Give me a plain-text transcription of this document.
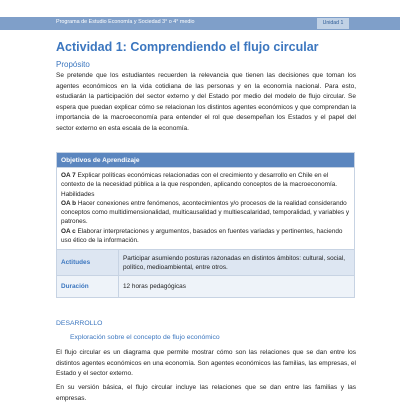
Programa de Estudio Economía y Sociedad 3° o 4° medio	Unidad 1
Actividad 1: Comprendiendo el flujo circular
Propósito

Se pretende que los estudiantes recuerden la relevancia que tienen las decisiones que toman los agentes económicos en la vida cotidiana de las personas y en la economía nacional. Para esto, estudiarán la participación del sector externo y del Estado por medio del modelo de flujo circular. Se espera que puedan explicar cómo se relacionan los distintos agentes económicos y que comprendan la importancia de la macroeconomía para entender el rol que desempeñan los Estados y el papel del sector externo en esta escala de la economía.

Objetivos de Aprendizaje	

OA 7 Explicar políticas económicas relacionadas con el crecimiento y desarrollo en Chile en el contexto de la necesidad pública a la que responden, aplicando conceptos de la macroeconomía.
Habilidades
OA b Hacer conexiones entre fenómenos, acontecimientos y/o procesos de la realidad considerando conceptos como multidimensionalidad, multicausalidad y multiescalaridad, temporalidad, y variables y patrones.
OA c Elaborar interpretaciones y argumentos, basados en fuentes variadas y pertinentes, haciendo uso ético de la información.	

Actitudes	Participar asumiendo posturas razonadas en distintos ámbitos: cultural, social, político, medioambiental, entre otros.
Duración	12 horas pedagógicas
DESARROLLO
Exploración sobre el concepto de flujo económico

El flujo circular es un diagrama que permite mostrar cómo son las relaciones que se dan entre los distintos agentes económicos en una economía. Son agentes económicos las familias, las empresas, el Estado y el sector externo.

En su versión básica, el flujo circular incluye las relaciones que se dan entre las familias y las empresas.
